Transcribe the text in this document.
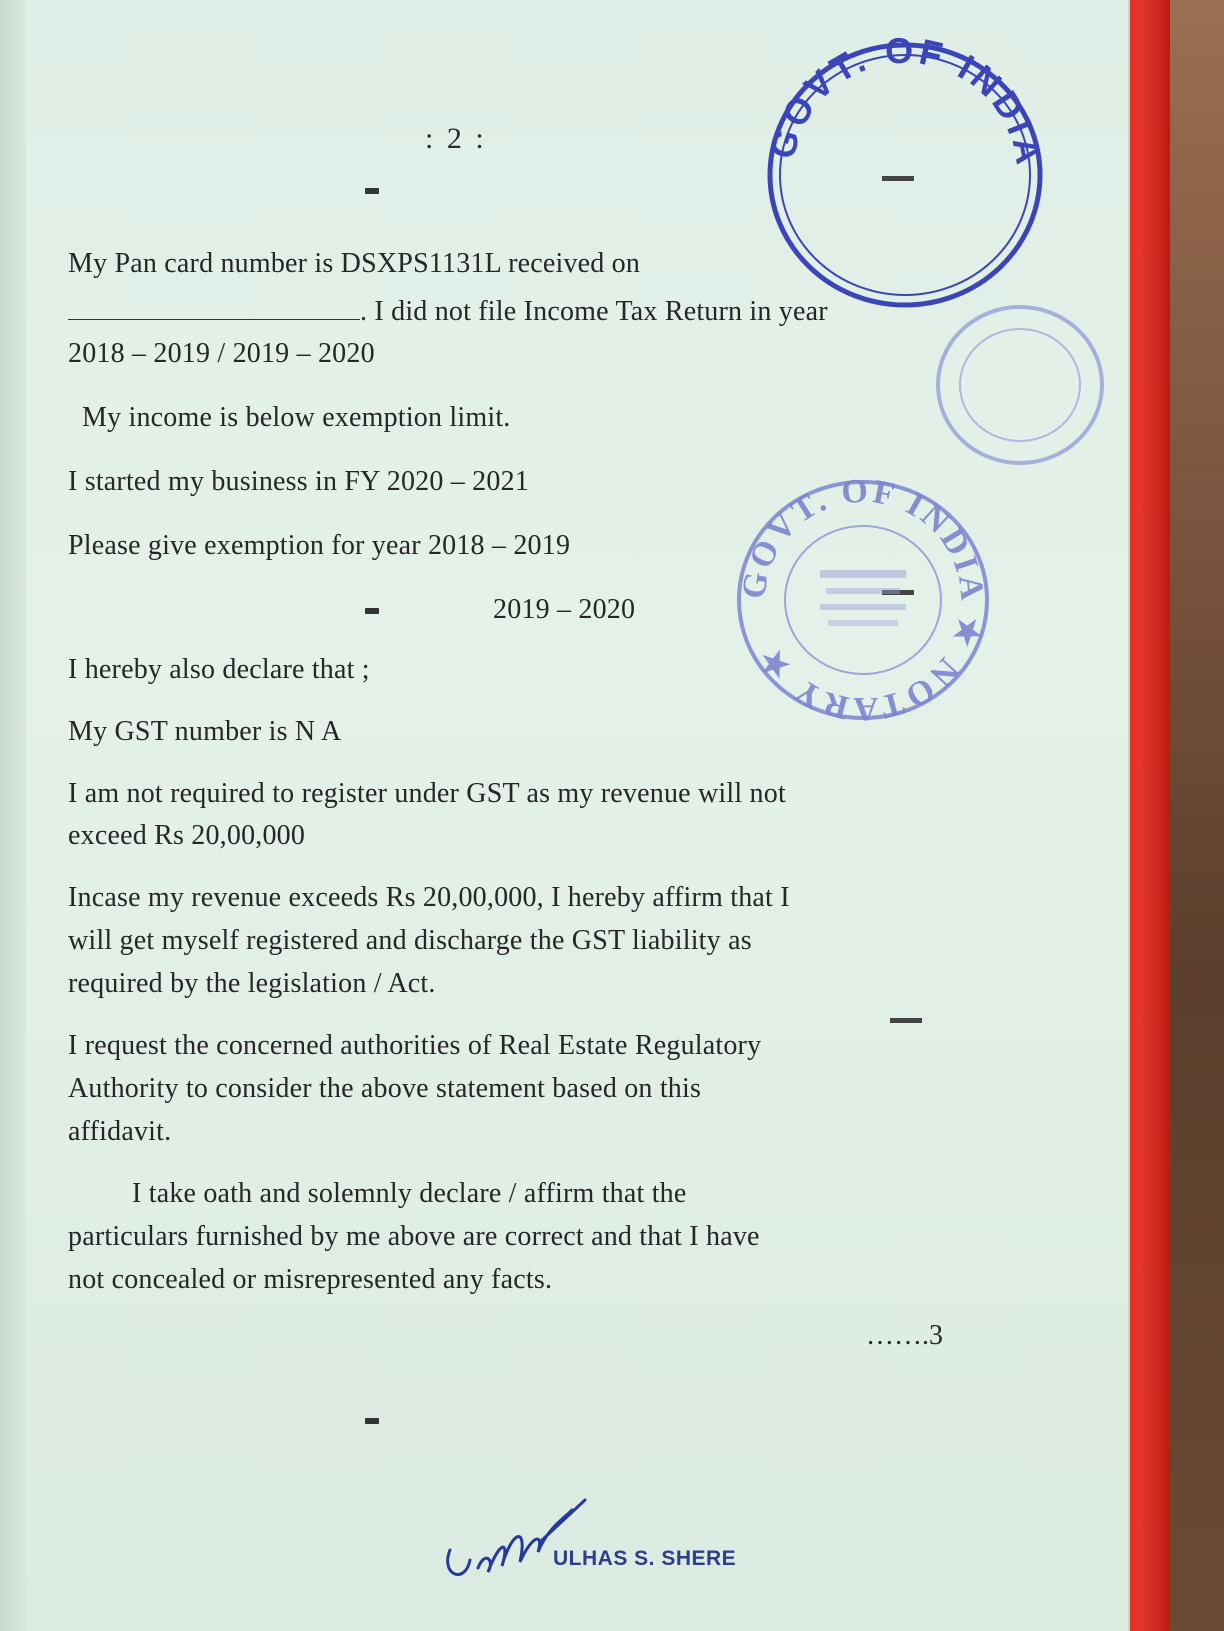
: 2 :
My Pan card number is DSXPS1131L received on
. I did not file Income Tax Return in year
2018 – 2019 / 2019 – 2020
My income is below exemption limit.
I started my business in FY 2020 – 2021
Please give exemption for year 2018 – 2019
2019 – 2020
I hereby also declare that ;
My GST number is N A
I am not required to register under GST as my revenue will not
exceed Rs 20,00,000
Incase my revenue exceeds Rs 20,00,000, I hereby affirm that I
will get myself registered and discharge the GST liability as
required by the legislation / Act.
I request the concerned authorities of Real Estate Regulatory
Authority to consider the above statement based on this
affidavit.
I take oath and solemnly declare / affirm that the
particulars furnished by me above are correct and that I have
not concealed or misrepresented any facts.
…….3
GOVT. OF INDIA
GOVT. OF INDIA ★ NOTARY ★
ULHAS S. SHERE
